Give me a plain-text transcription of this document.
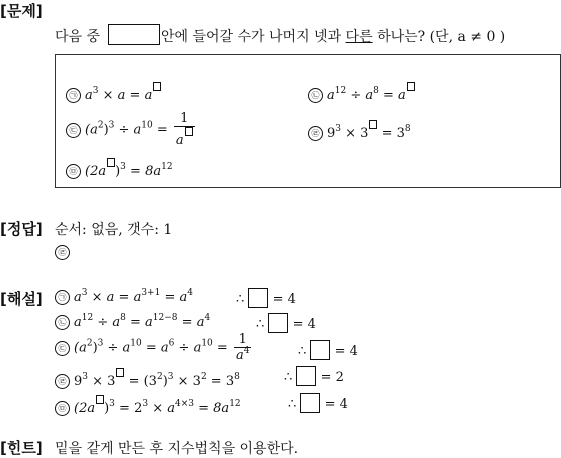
[문제]
다음 중	안에 들어갈 수가 나머지 넷과 다른 하나는? (단, a ≠ 0 )
㉠ $a^3 \times a = a$	㉡ $a^{12} \div a^8 = a$
㉢ $(a^2)^3 \div a^{10} = \frac{1}{a}$	㉣ $9^3 \times 3 = 3^8$
㉤ (2a )$^3 = 8a^{12}$
[정답] 순서: 없음, 갯수: 1
㉣
[해설]	㉠ $a^3 \times a = a^{3+1} = a^4$	∴ = 4
㉡ $a^{12} \div a^8 = a^{12-8} = a^4$	∴ = 4
㉢ $(a^2)^3 \div a^{10} = a^6 \div a^{10} = \frac{1}{a^4}$	∴ = 4
㉣ $9^3 \times 3 = (3^2)^3 \times 3^2 = 3^8$	∴ = 2
㉤ (2a )$^3 = 2^3 \times a^{4\times 3} = 8a^{12}$	∴ = 4
[힌트] 밑을 같게 만든 후 지수법칙을 이용한다.
